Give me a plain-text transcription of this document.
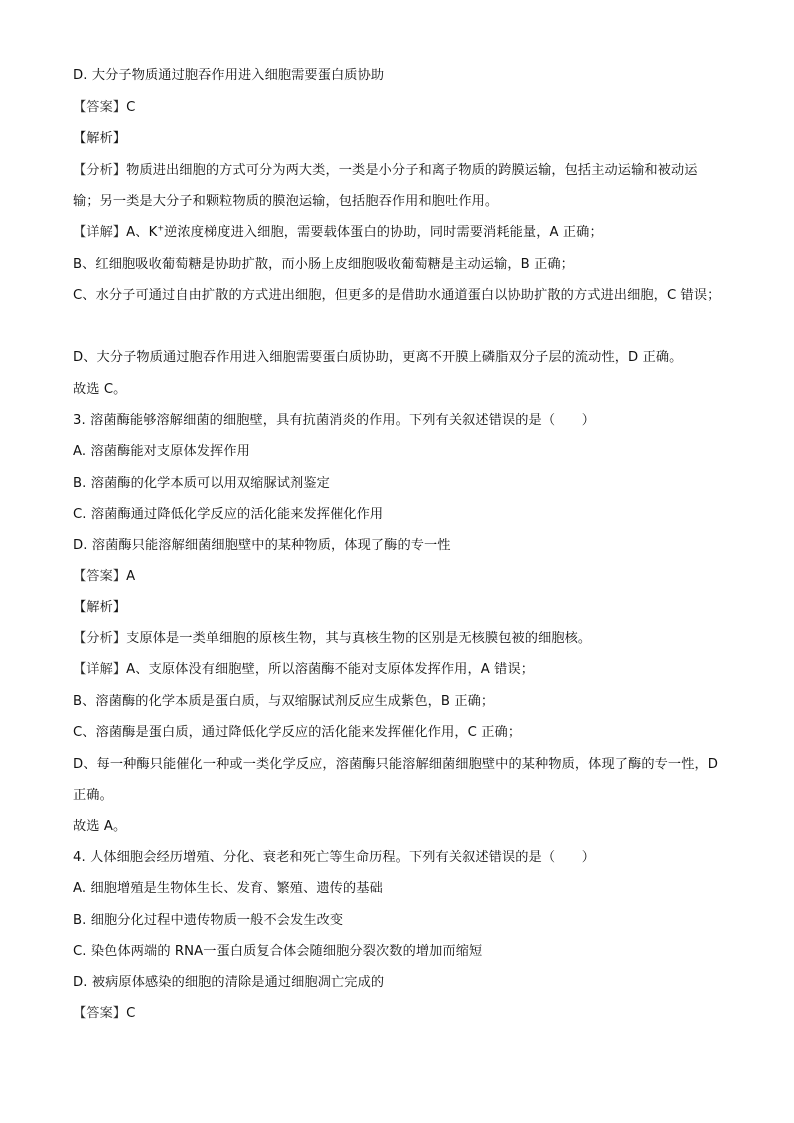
D. 大分子物质通过胞吞作用进入细胞需要蛋白质协助
【答案】C
【解析】
【分析】物质进出细胞的方式可分为两大类，一类是小分子和离子物质的跨膜运输，包括主动运输和被动运输；另一类是大分子和颗粒物质的膜泡运输，包括胞吞作用和胞吐作用。
【详解】A、K+逆浓度梯度进入细胞，需要载体蛋白的协助，同时需要消耗能量，A 正确；
B、红细胞吸收葡萄糖是协助扩散，而小肠上皮细胞吸收葡萄糖是主动运输，B 正确；
C、水分子可通过自由扩散的方式进出细胞，但更多的是借助水通道蛋白以协助扩散的方式进出细胞，C 错误；
D、大分子物质通过胞吞作用进入细胞需要蛋白质协助，更离不开膜上磷脂双分子层的流动性，D 正确。
故选 C。
3. 溶菌酶能够溶解细菌的细胞壁，具有抗菌消炎的作用。下列有关叙述错误的是（　　）
A. 溶菌酶能对支原体发挥作用
B. 溶菌酶的化学本质可以用双缩脲试剂鉴定
C. 溶菌酶通过降低化学反应的活化能来发挥催化作用
D. 溶菌酶只能溶解细菌细胞壁中的某种物质，体现了酶的专一性
【答案】A
【解析】
【分析】支原体是一类单细胞的原核生物，其与真核生物的区别是无核膜包被的细胞核。
【详解】A、支原体没有细胞壁，所以溶菌酶不能对支原体发挥作用，A 错误；
B、溶菌酶的化学本质是蛋白质，与双缩脲试剂反应生成紫色，B 正确；
C、溶菌酶是蛋白质，通过降低化学反应的活化能来发挥催化作用，C 正确；
D、每一种酶只能催化一种或一类化学反应，溶菌酶只能溶解细菌细胞壁中的某种物质，体现了酶的专一性，D 正确。
故选 A。
4. 人体细胞会经历增殖、分化、衰老和死亡等生命历程。下列有关叙述错误的是（　　）
A. 细胞增殖是生物体生长、发育、繁殖、遗传的基础
B. 细胞分化过程中遗传物质一般不会发生改变
C. 染色体两端的 RNA一蛋白质复合体会随细胞分裂次数的增加而缩短
D. 被病原体感染的细胞的清除是通过细胞凋亡完成的
【答案】C
